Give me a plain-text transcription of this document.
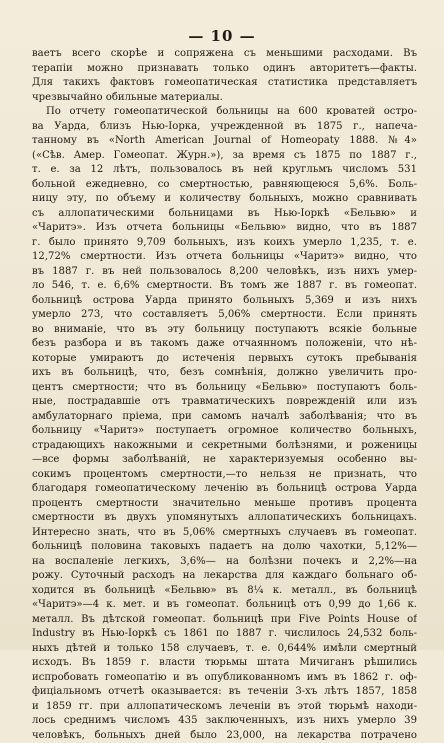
— 10 —
ваетъ всего скорѣе и сопряжена съ меньшими расходами. Въ
терапіи можно признавать только одинъ авторитетъ—факты.
Для такихъ фактовъ гомеопатическая статистика представляетъ
чрезвычайно обильные материалы.
По отчету гомеопатической больницы на 600 кроватей остро-
ва Уарда, близъ Нью-Іорка, учрежденной въ 1875 г., напеча-
танному въ «North American Journal of Homeopaty 1888. №4»
(«Сѣв. Амер. Гомеопат. Журн.»), за время съ 1875 по 1887 г.,
т. е. за 12 лѣтъ, пользовалось въ ней кругльмъ числомъ 531
больной ежедневно, со смертностью, равняющеюся 5,6%. Боль-
ницу эту, по объему и количеству больныхъ, можно сравнивать
съ аллопатическими больницами въ Нью-Іоркѣ «Бельвю» и
«Чаритэ». Изъ отчета больницы «Бельвю» видно, что въ 1887
г. было принято 9,709 больныхъ, изъ коихъ умерло 1,235, т. е.
12,72% смертности. Изъ отчета больницы «Чаритэ» видно, что
въ 1887 г. въ ней пользовалось 8,200 человѣкъ, изъ нихъ умер-
ло 546, т. е. 6,6% смертности. Въ томъ же 1887 г. въ гомеопат.
больницѣ острова Уарда принято больныхъ 5,369 и изъ нихъ
умерло 273, что составляетъ 5,06% смертности. Если принять
во вниманіе, что въ эту больницу поступаютъ всякіе больные
безъ разбора и въ такомъ даже отчаянномъ положеніи, что нѣ-
которые умираютъ до истеченія первыхъ сутокъ пребыванія
ихъ въ больницѣ, что, безъ сомнѣнія, должно увеличить про-
центъ смертности; что въ больницу «Бельвю» поступаютъ боль-
ные, пострадавшіе отъ травматическихъ поврежденій или изъ
амбулаторнаго пріема, при самомъ началѣ заболѣванія; что въ
больницу «Чаритэ» поступаетъ огромное количество больныхъ,
страдающихъ накожными и секретными болѣзнями, и роженицы
—все формы заболѣваній, не характеризуемыя особенно вы-
сокимъ процентомъ смертности,—то нельзя не признать, что
благодаря гомеопатическому леченію въ больницѣ острова Уарда
процентъ смертности значительно меньше противъ процента
смертности въ двухъ упомянутыхъ аллопатическихъ больницахъ.
Интересно знать, что въ 5,06% смертныхъ случаевъ въ гомеопат.
больницѣ половина таковыхъ падаетъ на долю чахотки, 5,12%—
на воспаленіе легкихъ, 3,6%— на болѣзни почекъ и 2,2%—на
рожу. Суточный расходъ на лекарства для каждаго больнаго об-
ходится въ больницѣ «Бельвю» въ 8¼ к. металл., въ больницѣ
«Чаритэ»—4 к. мет. и въ гомеопат. больницѣ отъ 0,99 до 1,66 к.
металл. Въ дѣтской гомеопат. больницѣ при Five Points House of
Industry въ Нью-Іоркѣ съ 1861 по 1887 г. числилось 24,532 боль-
ныхъ дѣтей и только 158 случаевъ, т. е. 0,644% имѣли смертный
исходъ. Въ 1859 г. власти тюрьмы штата Мичиганъ рѣшились
испробовать гомеопатію и въ опубликованномъ имъ въ 1862 г. оф-
фиціальномъ отчетѣ оказывается: въ теченіи 3-хъ лѣтъ 1857, 1858
и 1859 гг. при аллопатическомъ леченіи въ этой тюрьмѣ находи-
лось среднимъ числомъ 435 заключенныхъ, изъ нихъ умерло 39
человѣкъ, больныхъ дней было 23,000, на лекарства потрачено
